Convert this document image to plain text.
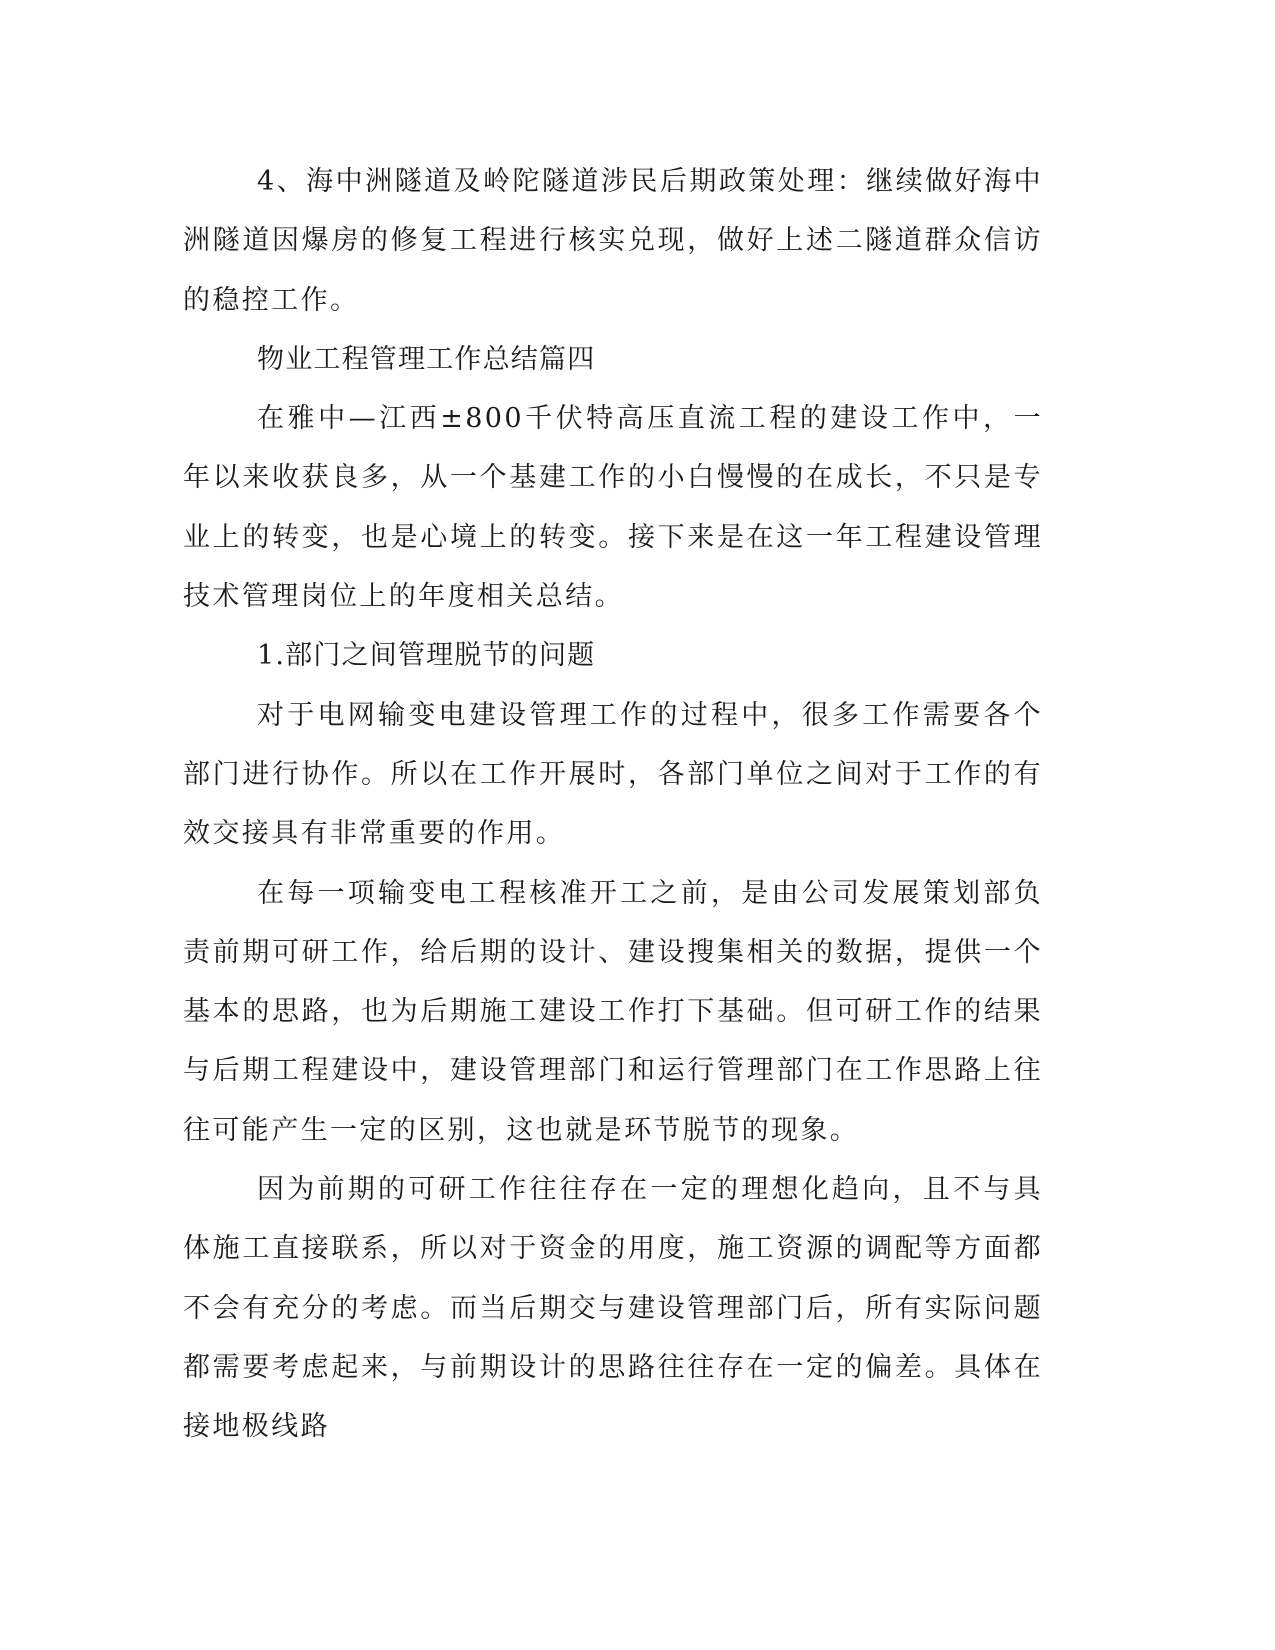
4、海中洲隧道及岭陀隧道涉民后期政策处理：继续做好海中洲隧道因爆房的修复工程进行核实兑现，做好上述二隧道群众信访的稳控工作。

物业工程管理工作总结篇四

在雅中—江西±800千伏特高压直流工程的建设工作中，一年以来收获良多，从一个基建工作的小白慢慢的在成长，不只是专业上的转变，也是心境上的转变。接下来是在这一年工程建设管理技术管理岗位上的年度相关总结。

1.部门之间管理脱节的问题

对于电网输变电建设管理工作的过程中，很多工作需要各个部门进行协作。所以在工作开展时，各部门单位之间对于工作的有效交接具有非常重要的作用。

在每一项输变电工程核准开工之前，是由公司发展策划部负责前期可研工作，给后期的设计、建设搜集相关的数据，提供一个基本的思路，也为后期施工建设工作打下基础。但可研工作的结果与后期工程建设中，建设管理部门和运行管理部门在工作思路上往往可能产生一定的区别，这也就是环节脱节的现象。

因为前期的可研工作往往存在一定的理想化趋向，且不与具体施工直接联系，所以对于资金的用度，施工资源的调配等方面都不会有充分的考虑。而当后期交与建设管理部门后，所有实际问题都需要考虑起来，与前期设计的思路往往存在一定的偏差。具体在接地极线路
